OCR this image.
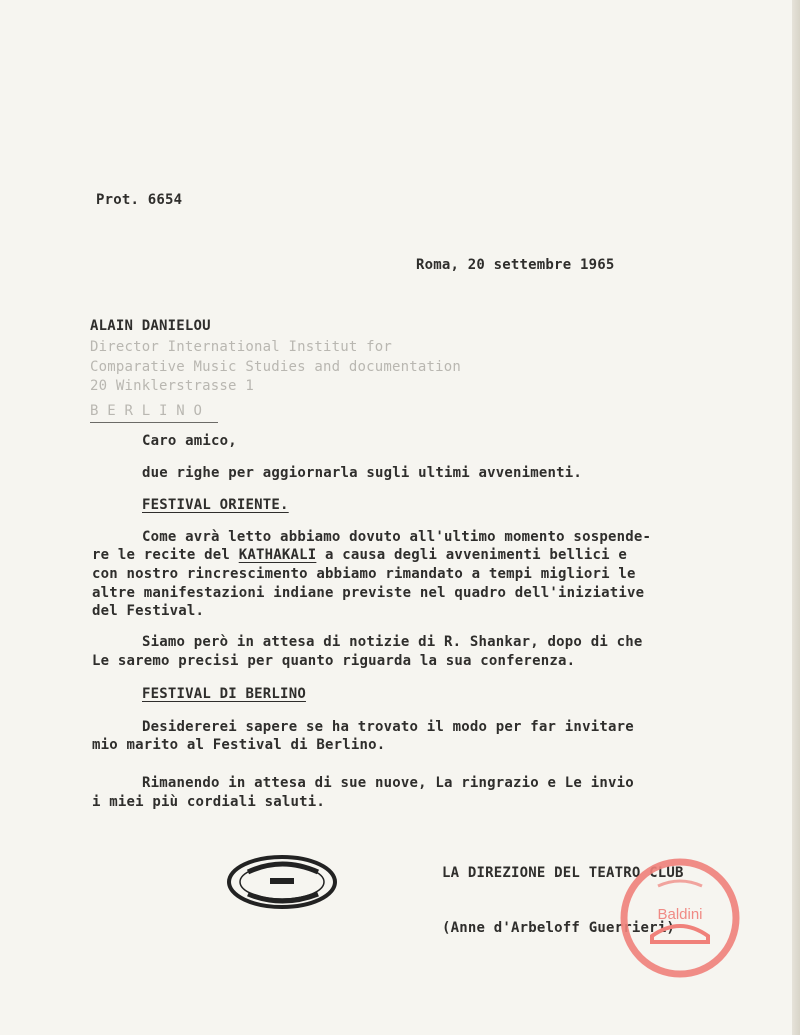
Prot. 6654
Roma, 20 settembre 1965
ALAIN DANIELOU
Director International Institut for
Comparative Music Studies and documentation
20 Winklerstrasse 1
B E R L I N O
Caro amico,
due righe per aggiornarla sugli ultimi avvenimenti.
FESTIVAL ORIENTE.
Come avrà letto abbiamo dovuto all'ultimo momento sospende-
re le recite del KATHAKALI a causa degli avvenimenti bellici e
con nostro rincrescimento abbiamo rimandato a tempi migliori le
altre manifestazioni indiane previste nel quadro dell'iniziative
del Festival.
Siamo però in attesa di notizie di R. Shankar, dopo di che
Le saremo precisi per quanto riguarda la sua conferenza.
FESTIVAL DI BERLINO
Desidererei sapere se ha trovato il modo per far invitare
mio marito al Festival di Berlino.
Rimanendo in attesa di sue nuove, La ringrazio e Le invio
i miei più cordiali saluti.
LA DIREZIONE DEL TEATRO CLUB
(Anne d'Arbeloff Guerrieri)
Baldini
